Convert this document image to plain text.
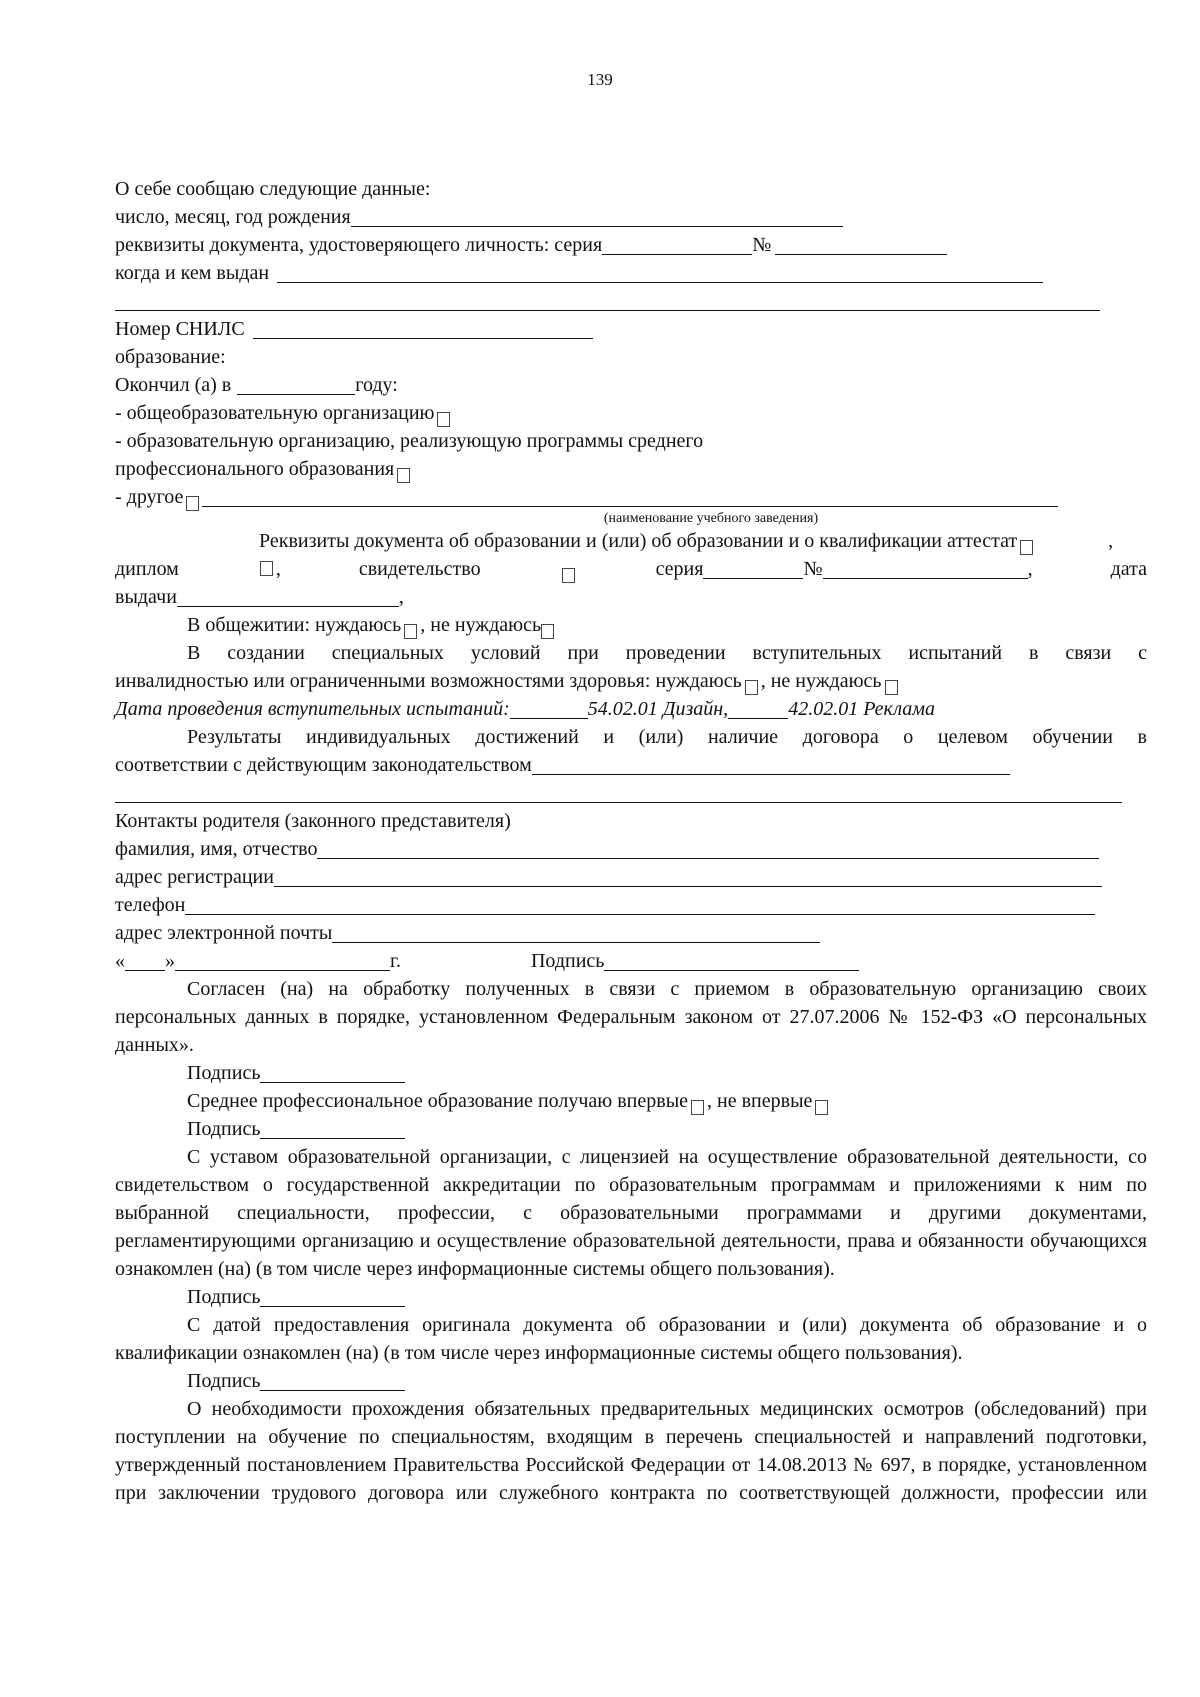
139
О себе сообщаю следующие данные:
число, месяц, год рождения
реквизиты документа, удостоверяющего личность: серия	№
когда и кем выдан
Номер СНИЛС
образование:
Окончил (а) в	году:
- общеобразовательную организацию
- образовательную организацию, реализующую программы среднего
профессионального образования
- другое
(наименование учебного заведения)
Реквизиты документа об образовании и (или) об образовании и о квалификации аттестат	,
диплом	,	свидетельство	серия	№	,	дата
выдачи	,
В общежитии: нуждаюсь , не нуждаюсь
В создании специальных условий при проведении вступительных испытаний в связи с
инвалидностью или ограниченными возможностями здоровья: нуждаюсь , не нуждаюсь
Дата проведения вступительных испытаний:	54.02.01 Дизайн,	42.02.01 Реклама
Результаты индивидуальных достижений и (или) наличие договора о целевом обучении в
соответствии с действующим законодательством
Контакты родителя (законного представителя)
фамилия, имя, отчество
адрес регистрации
телефон
адрес электронной почты
« »	г.	Подпись

Согласен (на) на обработку полученных в связи с приемом в образовательную организацию своих персональных данных в порядке, установленном Федеральным законом от 27.07.2006 № 152-ФЗ «О персональных данных».

Подпись
Среднее профессиональное образование получаю впервые , не впервые
Подпись

С уставом образовательной организации, с лицензией на осуществление образовательной деятельности, со свидетельством о государственной аккредитации по образовательным программам и приложениями к ним по выбранной специальности, профессии, с образовательными программами и другими документами, регламентирующими организацию и осуществление образовательной деятельности, права и обязанности обучающихся ознакомлен (на) (в том числе через информационные системы общего пользования).

Подпись

С датой предоставления оригинала документа об образовании и (или) документа об образование и о квалификации ознакомлен (на) (в том числе через информационные системы общего пользования).

Подпись

О необходимости прохождения обязательных предварительных медицинских осмотров (обследований) при поступлении на обучение по специальностям, входящим в перечень специальностей и направлений подготовки, утвержденный постановлением Правительства Российской Федерации от 14.08.2013 № 697, в порядке, установленном при заключении трудового договора или служебного контракта по соответствующей должности, профессии или
